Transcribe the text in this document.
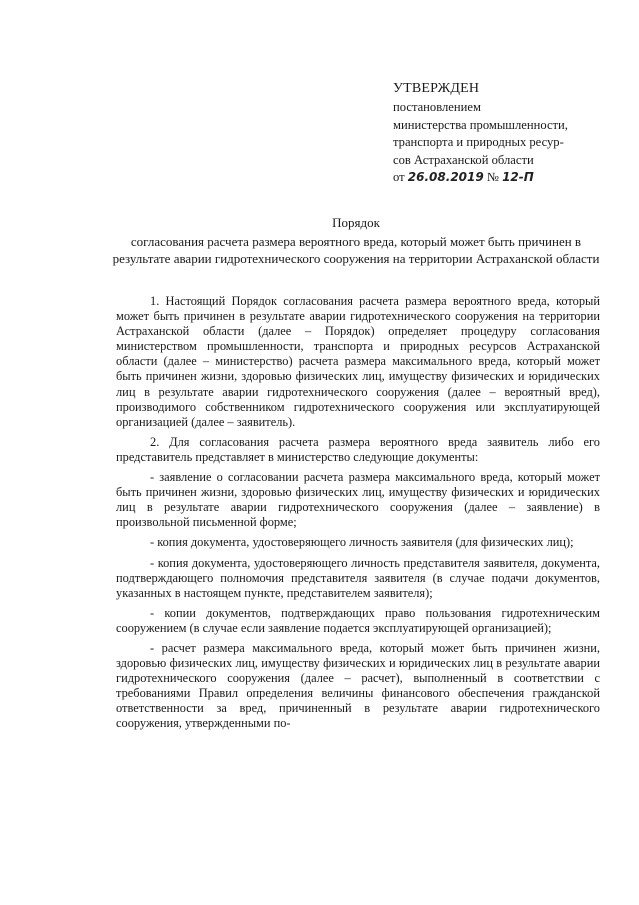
УТВЕРЖДЕН
постановлением
министерства промышленности,
транспорта и природных ресур-
сов Астраханской области
от 26.08.2019 № 12-П
Порядок
согласования расчета размера вероятного вреда, который может быть причинен в результате аварии гидротехнического сооружения на территории Астраханской области

1. Настоящий Порядок согласования расчета размера вероятного вреда, который может быть причинен в результате аварии гидротехнического сооружения на территории Астраханской области (далее – Порядок) определяет процедуру согласования министерством промышленности, транспорта и природных ресурсов Астраханской области (далее – министерство) расчета размера максимального вреда, который может быть причинен жизни, здоровью физических лиц, имуществу физических и юридических лиц в результате аварии гидротехнического сооружения (далее – вероятный вред), производимого собственником гидротехнического сооружения или эксплуатирующей организацией (далее – заявитель).

2. Для согласования расчета размера вероятного вреда заявитель либо его представитель представляет в министерство следующие документы:

- заявление о согласовании расчета размера максимального вреда, который может быть причинен жизни, здоровью физических лиц, имуществу физических и юридических лиц в результате аварии гидротехнического сооружения (далее – заявление) в произвольной письменной форме;

- копия документа, удостоверяющего личность заявителя (для физических лиц);

- копия документа, удостоверяющего личность представителя заявителя, документа, подтверждающего полномочия представителя заявителя (в случае подачи документов, указанных в настоящем пункте, представителем заявителя);

- копии документов, подтверждающих право пользования гидротехническим сооружением (в случае если заявление подается эксплуатирующей организацией);

- расчет размера максимального вреда, который может быть причинен жизни, здоровью физических лиц, имуществу физических и юридических лиц в результате аварии гидротехнического сооружения (далее – расчет), выполненный в соответствии с требованиями Правил определения величины финансового обеспечения гражданской ответственности за вред, причиненный в результате аварии гидротехнического сооружения, утвержденными по-
